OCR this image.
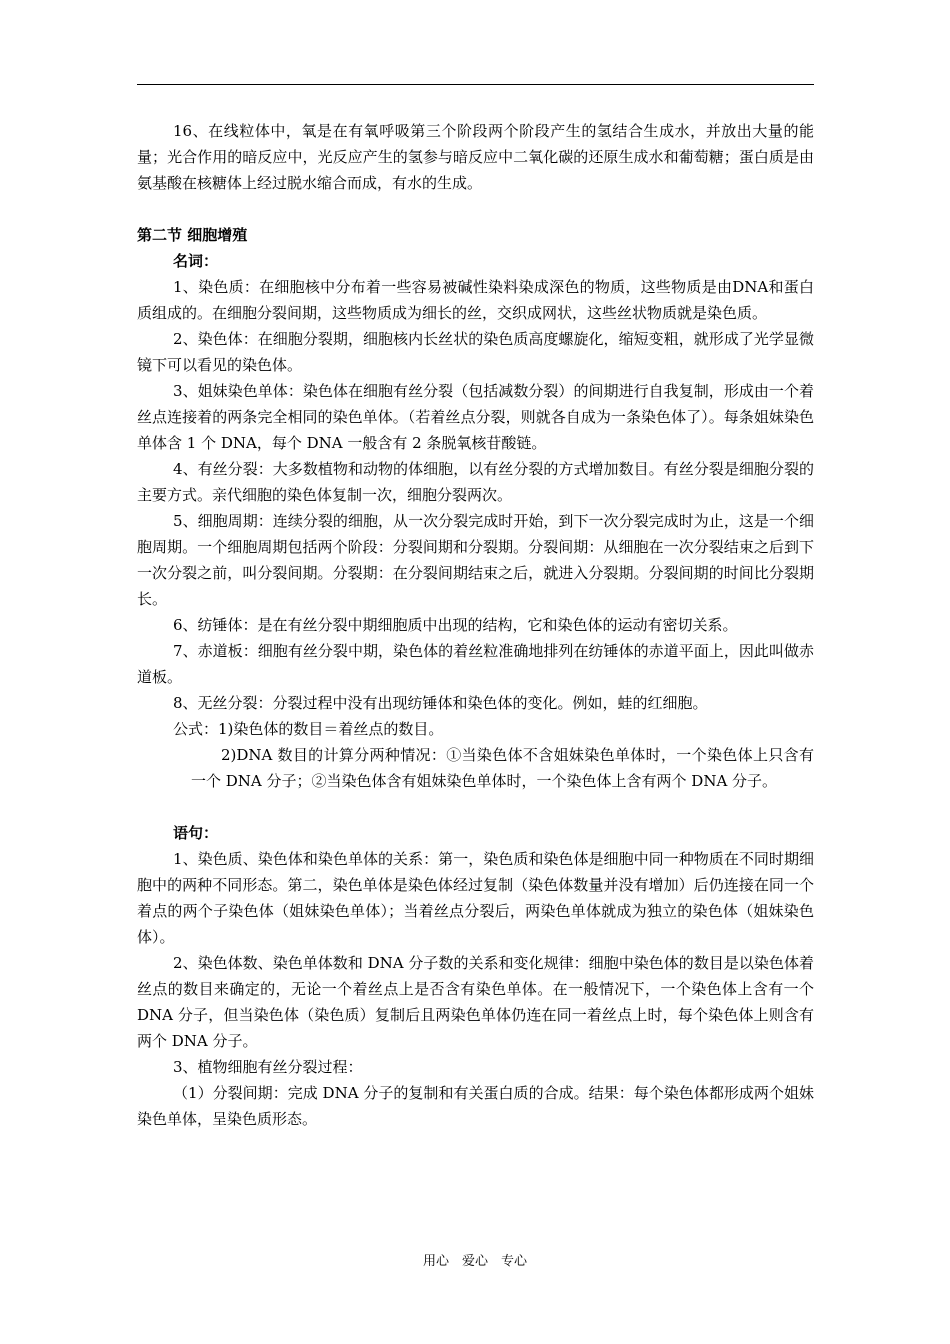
16、在线粒体中，氧是在有氧呼吸第三个阶段两个阶段产生的氢结合生成水，并放出大量的能量；光合作用的暗反应中，光反应产生的氢参与暗反应中二氧化碳的还原生成水和葡萄糖；蛋白质是由氨基酸在核糖体上经过脱水缩合而成，有水的生成。

第二节 细胞增殖

名词：

1、染色质：在细胞核中分布着一些容易被碱性染料染成深色的物质，这些物质是由DNA和蛋白质组成的。在细胞分裂间期，这些物质成为细长的丝，交织成网状，这些丝状物质就是染色质。

2、染色体：在细胞分裂期，细胞核内长丝状的染色质高度螺旋化，缩短变粗，就形成了光学显微镜下可以看见的染色体。

3、姐妹染色单体：染色体在细胞有丝分裂（包括减数分裂）的间期进行自我复制，形成由一个着丝点连接着的两条完全相同的染色单体。（若着丝点分裂，则就各自成为一条染色体了）。每条姐妹染色单体含 1 个 DNA，每个 DNA 一般含有 2 条脱氧核苷酸链。

4、有丝分裂：大多数植物和动物的体细胞，以有丝分裂的方式增加数目。有丝分裂是细胞分裂的主要方式。亲代细胞的染色体复制一次，细胞分裂两次。

5、细胞周期：连续分裂的细胞，从一次分裂完成时开始，到下一次分裂完成时为止，这是一个细胞周期。一个细胞周期包括两个阶段：分裂间期和分裂期。分裂间期：从细胞在一次分裂结束之后到下一次分裂之前，叫分裂间期。分裂期：在分裂间期结束之后，就进入分裂期。分裂间期的时间比分裂期长。

6、纺锤体：是在有丝分裂中期细胞质中出现的结构，它和染色体的运动有密切关系。

7、赤道板：细胞有丝分裂中期，染色体的着丝粒准确地排列在纺锤体的赤道平面上，因此叫做赤道板。

8、无丝分裂：分裂过程中没有出现纺锤体和染色体的变化。例如，蛙的红细胞。

公式：1)染色体的数目＝着丝点的数目。

2)DNA 数目的计算分两种情况：①当染色体不含姐妹染色单体时，一个染色体上只含有一个 DNA 分子；②当染色体含有姐妹染色单体时，一个染色体上含有两个 DNA 分子。

语句：

1、染色质、染色体和染色单体的关系：第一，染色质和染色体是细胞中同一种物质在不同时期细胞中的两种不同形态。第二，染色单体是染色体经过复制（染色体数量并没有增加）后仍连接在同一个着点的两个子染色体（姐妹染色单体）；当着丝点分裂后，两染色单体就成为独立的染色体（姐妹染色体）。

2、染色体数、染色单体数和 DNA 分子数的关系和变化规律：细胞中染色体的数目是以染色体着丝点的数目来确定的，无论一个着丝点上是否含有染色单体。在一般情况下，一个染色体上含有一个 DNA 分子，但当染色体（染色质）复制后且两染色单体仍连在同一着丝点上时，每个染色体上则含有两个 DNA 分子。

3、植物细胞有丝分裂过程：

（1）分裂间期：完成 DNA 分子的复制和有关蛋白质的合成。结果：每个染色体都形成两个姐妹染色单体，呈染色质形态。

用心　爱心　专心
